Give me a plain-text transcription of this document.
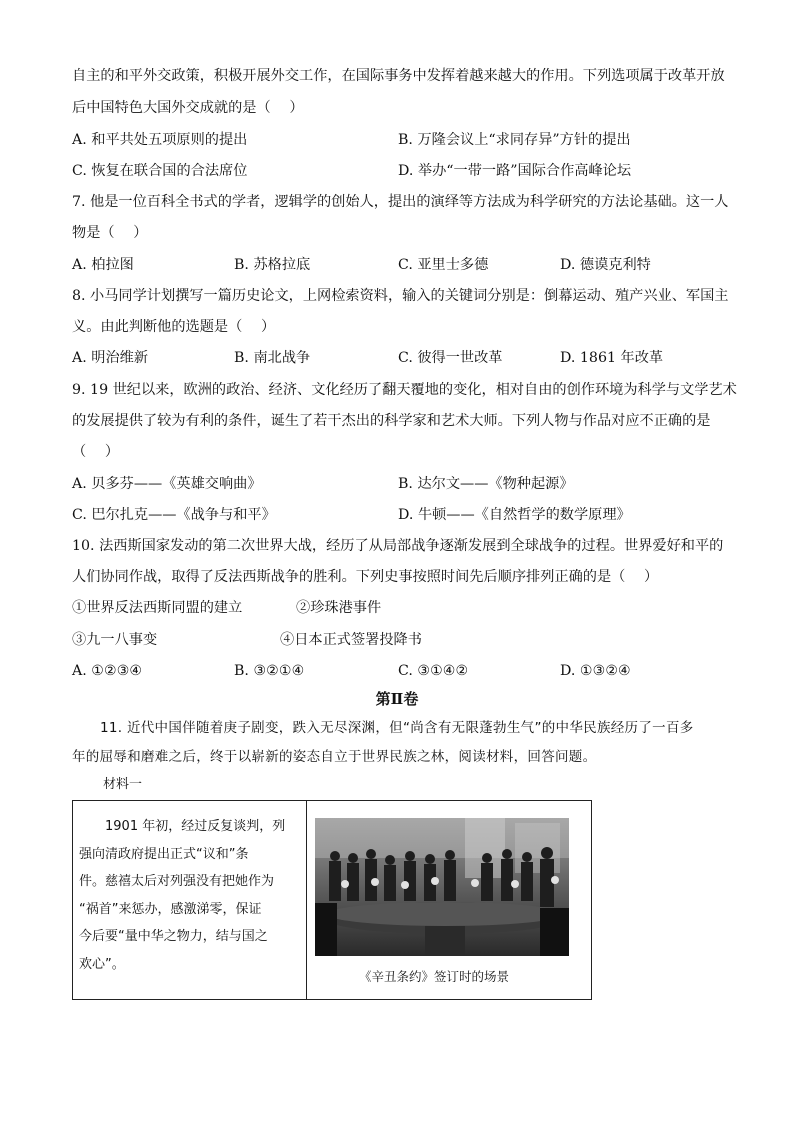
自主的和平外交政策，积极开展外交工作，在国际事务中发挥着越来越大的作用。下列选项属于改革开放
后中国特色大国外交成就的是（　 ）
A. 和平共处五项原则的提出	B. 万隆会议上“求同存异”方针的提出
C. 恢复在联合国的合法席位	D. 举办“一带一路”国际合作高峰论坛
7. 他是一位百科全书式的学者，逻辑学的创始人，提出的演绎等方法成为科学研究的方法论基础。这一人
物是（　 ）
A. 柏拉图	B. 苏格拉底	C. 亚里士多德	D. 德谟克利特
8. 小马同学计划撰写一篇历史论文，上网检索资料，输入的关键词分别是：倒幕运动、殖产兴业、军国主
义。由此判断他的选题是（　 ）
A. 明治维新	B. 南北战争	C. 彼得一世改革	D. 1861 年改革
9. 19 世纪以来，欧洲的政治、经济、文化经历了翻天覆地的变化，相对自由的创作环境为科学与文学艺术
的发展提供了较为有利的条件，诞生了若干杰出的科学家和艺术大师。下列人物与作品对应不正确的是
（　 ）
A. 贝多芬——《英雄交响曲》	B. 达尔文——《物种起源》
C. 巴尔扎克——《战争与和平》	D. 牛顿——《自然哲学的数学原理》
10. 法西斯国家发动的第二次世界大战，经历了从局部战争逐渐发展到全球战争的过程。世界爱好和平的
人们协同作战，取得了反法西斯战争的胜利。下列史事按照时间先后顺序排列正确的是（　 ）
①世界反法西斯同盟的建立	②珍珠港事件
③九一八事变	④日本正式签署投降书
A. ①②③④	B. ③②①④	C. ③①④②	D. ①③②④
第Ⅱ卷
11. 近代中国伴随着庚子剧变，跌入无尽深渊，但“尚含有无限蓬勃生气”的中华民族经历了一百多
年的屈辱和磨难之后，终于以崭新的姿态自立于世界民族之林，阅读材料，回答问题。
材料一

　　1901 年初，经过反复谈判，列

强向清政府提出正式“议和”条

件。慈禧太后对列强没有把她作为

“祸首”来惩办，感激涕零，保证

今后要“量中华之物力，结与国之

欢心”。

《辛丑条约》签订时的场景
